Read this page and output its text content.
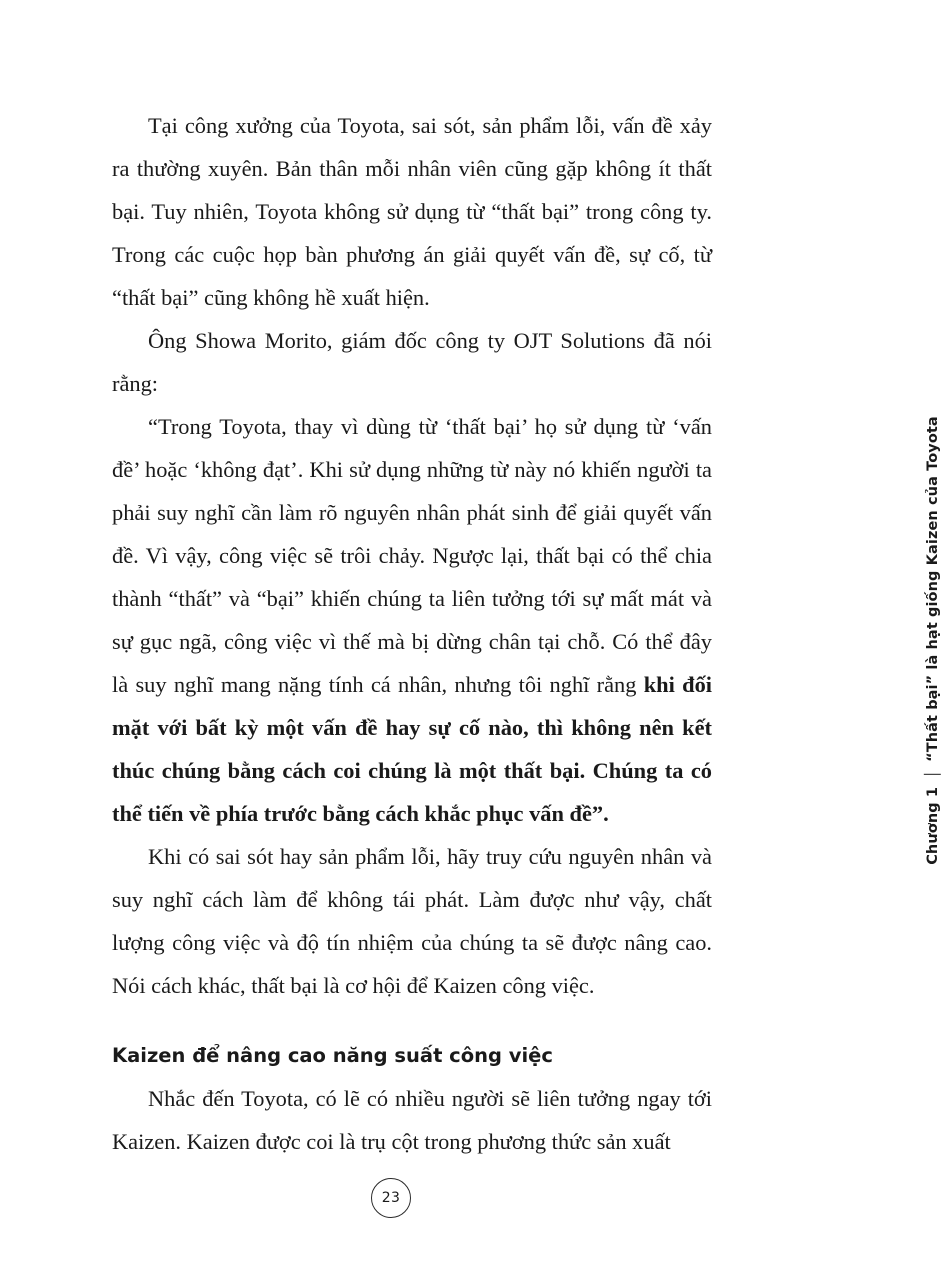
Chương 1
“Thất bại” là hạt giống Kaizen của Toyota

Tại công xưởng của Toyota, sai sót, sản phẩm lỗi, vấn đề xảy ra thường xuyên. Bản thân mỗi nhân viên cũng gặp không ít thất bại. Tuy nhiên, Toyota không sử dụng từ “thất bại” trong công ty. Trong các cuộc họp bàn phương án giải quyết vấn đề, sự cố, từ “thất bại” cũng không hề xuất hiện.

Ông Showa Morito, giám đốc công ty OJT Solutions đã nói rằng:

“Trong Toyota, thay vì dùng từ ‘thất bại’ họ sử dụng từ ‘vấn đề’ hoặc ‘không đạt’. Khi sử dụng những từ này nó khiến người ta phải suy nghĩ cần làm rõ nguyên nhân phát sinh để giải quyết vấn đề. Vì vậy, công việc sẽ trôi chảy. Ngược lại, thất bại có thể chia thành “thất” và “bại” khiến chúng ta liên tưởng tới sự mất mát và sự gục ngã, công việc vì thế mà bị dừng chân tại chỗ. Có thể đây là suy nghĩ mang nặng tính cá nhân, nhưng tôi nghĩ rằng khi đối mặt với bất kỳ một vấn đề hay sự cố nào, thì không nên kết thúc chúng bằng cách coi chúng là một thất bại. Chúng ta có thể tiến về phía trước bằng cách khắc phục vấn đề”.

Khi có sai sót hay sản phẩm lỗi, hãy truy cứu nguyên nhân và suy nghĩ cách làm để không tái phát. Làm được như vậy, chất lượng công việc và độ tín nhiệm của chúng ta sẽ được nâng cao. Nói cách khác, thất bại là cơ hội để Kaizen công việc.

Kaizen để nâng cao năng suất công việc

Nhắc đến Toyota, có lẽ có nhiều người sẽ liên tưởng ngay tới Kaizen. Kaizen được coi là trụ cột trong phương thức sản xuất

23
